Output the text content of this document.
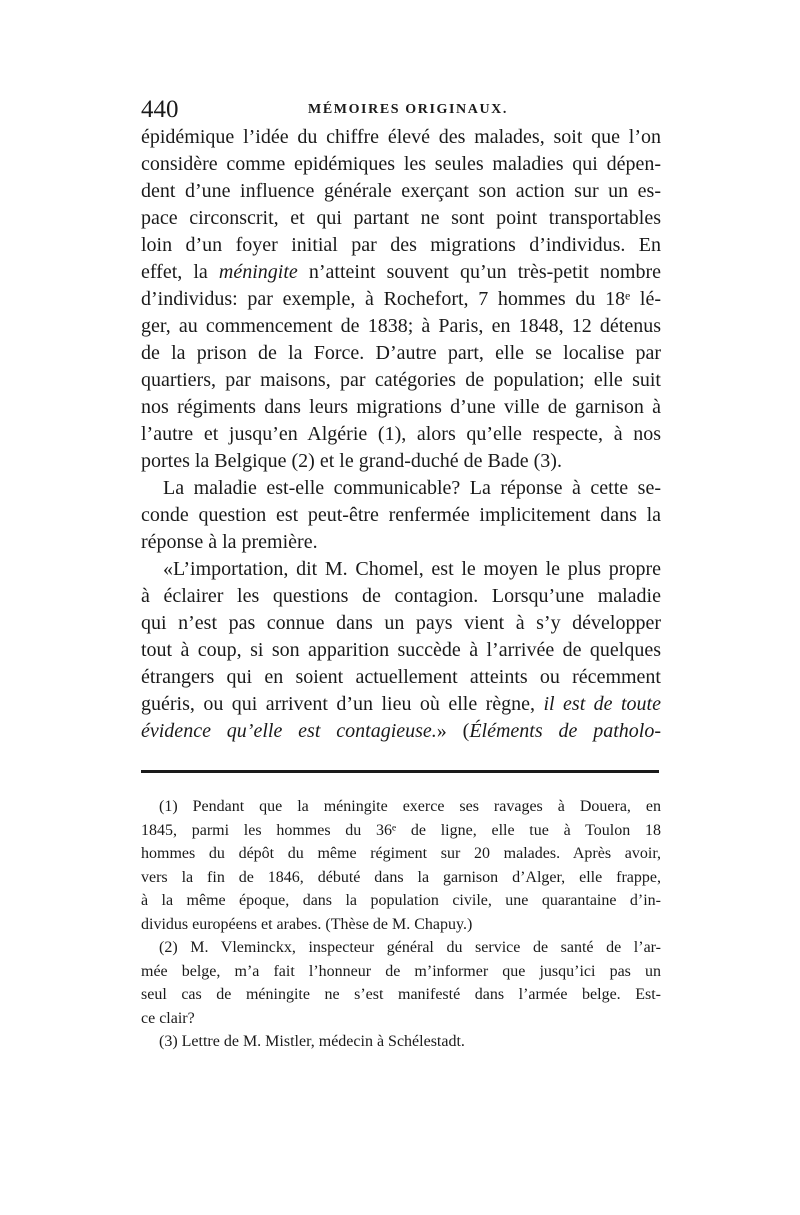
440	MÉMOIRES ORIGINAUX.

épidémique l’idée du chiffre élevé des malades, soit que l’on

considère comme epidémiques les seules maladies qui dépen-

dent d’une influence générale exerçant son action sur un es-

pace circonscrit, et qui partant ne sont point transportables

loin d’un foyer initial par des migrations d’individus. En

effet, la méningite n’atteint souvent qu’un très-petit nombre

d’individus: par exemple, à Rochefort, 7 hommes du 18ᵉ lé-

ger, au commencement de 1838; à Paris, en 1848, 12 détenus

de la prison de la Force. D’autre part, elle se localise par

quartiers, par maisons, par catégories de population; elle suit

nos régiments dans leurs migrations d’une ville de garnison à

l’autre et jusqu’en Algérie (1), alors qu’elle respecte, à nos

portes la Belgique (2) et le grand-duché de Bade (3).

La maladie est-elle communicable? La réponse à cette se-

conde question est peut-être renfermée implicitement dans la

réponse à la première.

«L’importation, dit M. Chomel, est le moyen le plus propre

à éclairer les questions de contagion. Lorsqu’une maladie

qui n’est pas connue dans un pays vient à s’y développer

tout à coup, si son apparition succède à l’arrivée de quelques

étrangers qui en soient actuellement atteints ou récemment

guéris, ou qui arrivent d’un lieu où elle règne, il est de toute

évidence qu’elle est contagieuse.» (Éléments de patholo-

(1) Pendant que la méningite exerce ses ravages à Douera, en

1845, parmi les hommes du 36ᵉ de ligne, elle tue à Toulon 18

hommes du dépôt du même régiment sur 20 malades. Après avoir,

vers la fin de 1846, débuté dans la garnison d’Alger, elle frappe,

à la même époque, dans la population civile, une quarantaine d’in-

dividus européens et arabes. (Thèse de M. Chapuy.)

(2) M. Vleminckx, inspecteur général du service de santé de l’ar-

mée belge, m’a fait l’honneur de m’informer que jusqu’ici pas un

seul cas de méningite ne s’est manifesté dans l’armée belge. Est-

ce clair?

(3) Lettre de M. Mistler, médecin à Schélestadt.
